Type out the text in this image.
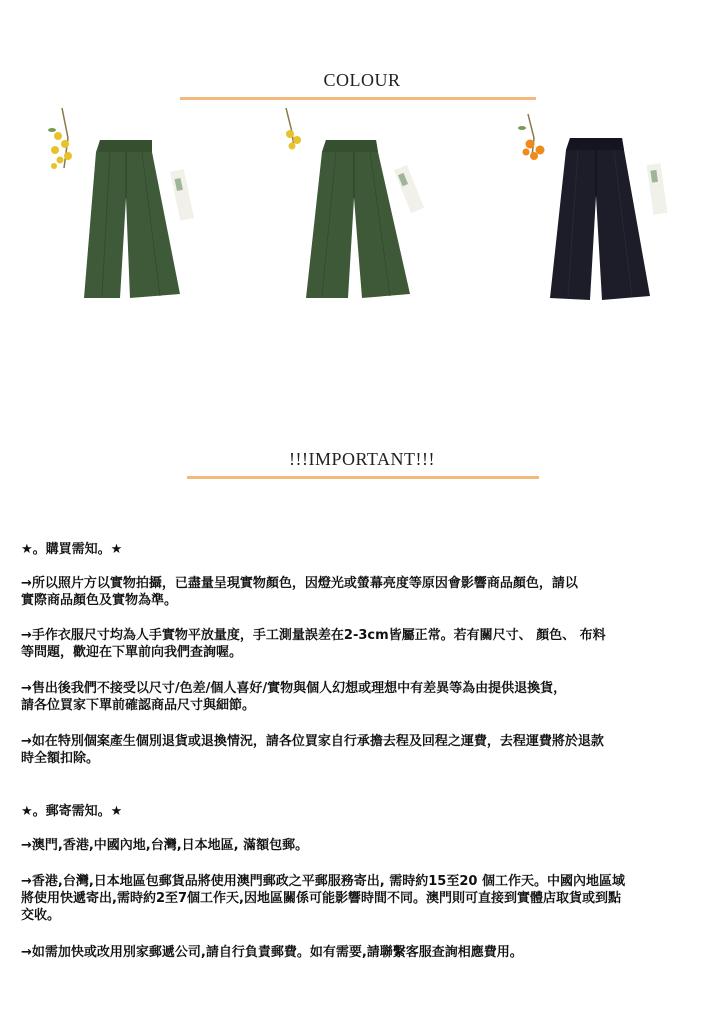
COLOUR
!!!IMPORTANT!!!

★。購買需知。★

→所以照片方以實物拍攝，已盡量呈現實物顏色，因燈光或螢幕亮度等原因會影響商品顏色，請以

實際商品顏色及實物為準。

→手作衣服尺寸均為人手實物平放量度，手工測量誤差在2-3cm皆屬正常。若有關尺寸、 顏色、 布料

等問題，歡迎在下單前向我們查詢喔。

→售出後我們不接受以尺寸/色差/個人喜好/實物與個人幻想或理想中有差異等為由提供退換貨，

請各位買家下單前確認商品尺寸與細節。

→如在特別個案產生個別退貨或退換情況，請各位買家自行承擔去程及回程之運費，去程運費將於退款

時全額扣除。

★。郵寄需知。★

→澳門,香港,中國內地,台灣,日本地區, 滿額包郵。

→香港,台灣,日本地區包郵貨品將使用澳門郵政之平郵服務寄出, 需時約15至20 個工作天。中國內地區域

將使用快遞寄出,需時約2至7個工作天,因地區關係可能影響時間不同。澳門則可直接到實體店取貨或到點

交收。

→如需加快或改用別家郵遞公司,請自行負責郵費。如有需要,請聯繫客服查詢相應費用。
